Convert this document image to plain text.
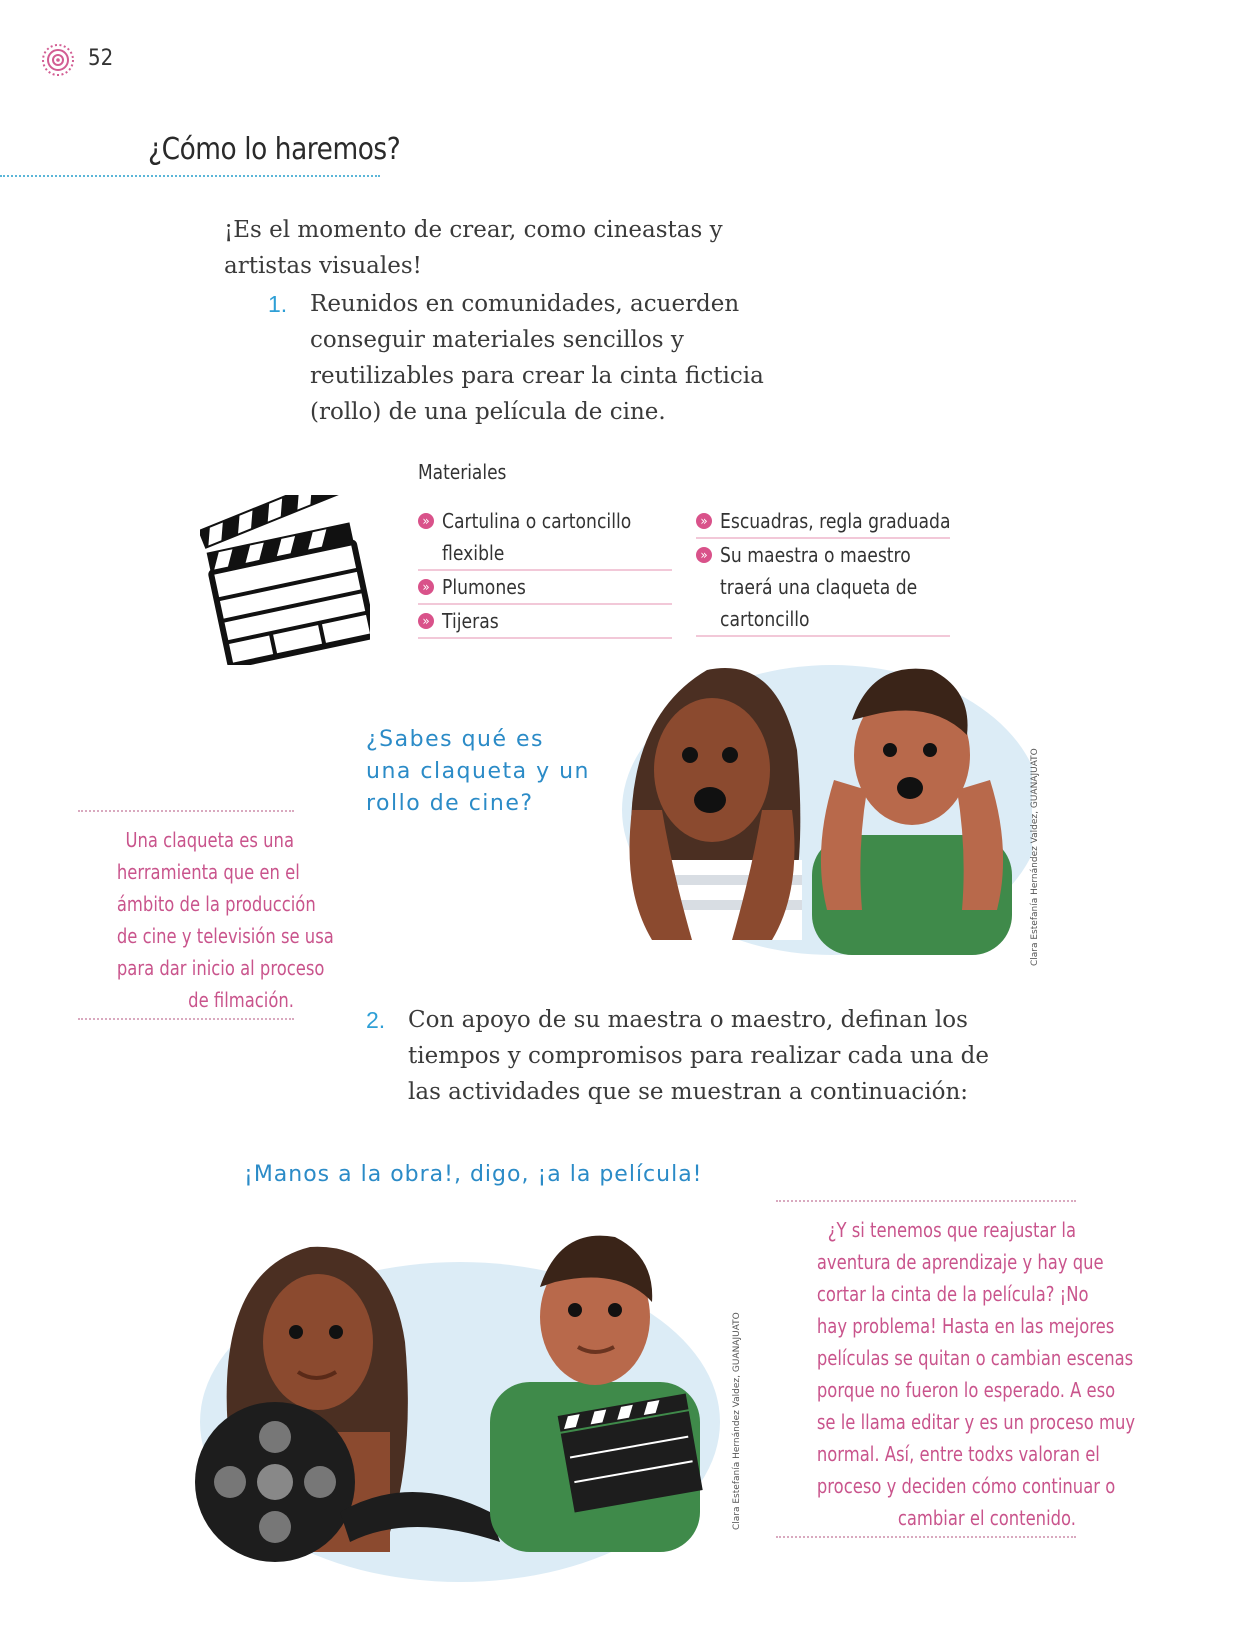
52
¿Cómo lo haremos?
¡Es el momento de crear, como cineastas y artistas visuales!
1. Reunidos en comunidades, acuerden conseguir materiales sencillos y reutilizables para crear la cinta ficticia (rollo) de una película de cine.
Materiales
» Cartulina o cartoncillo flexible
» Plumones
» Tijeras
» Escuadras, regla graduada
» Su maestra o maestro traerá una claqueta de cartoncillo
¿Sabes qué es
una claqueta y un
rollo de cine?	Clara Estefanía Hernández Valdez, GUANAJUATO
Una claqueta es una
herramienta que en el
ámbito de la producción
de cine y televisión se usa
para dar inicio al proceso
de filmación.
2. Con apoyo de su maestra o maestro, definan los tiempos y compromisos para realizar cada una de las actividades que se muestran a continuación:
¡Manos a la obra!, digo, ¡a la película!
Clara Estefanía Hernández Valdez, GUANAJUATO
¿Y si tenemos que reajustar la
aventura de aprendizaje y hay que
cortar la cinta de la película? ¡No
hay problema! Hasta en las mejores
películas se quitan o cambian escenas
porque no fueron lo esperado. A eso
se le llama editar y es un proceso muy
normal. Así, entre todxs valoran el
proceso y deciden cómo continuar o
cambiar el contenido.
